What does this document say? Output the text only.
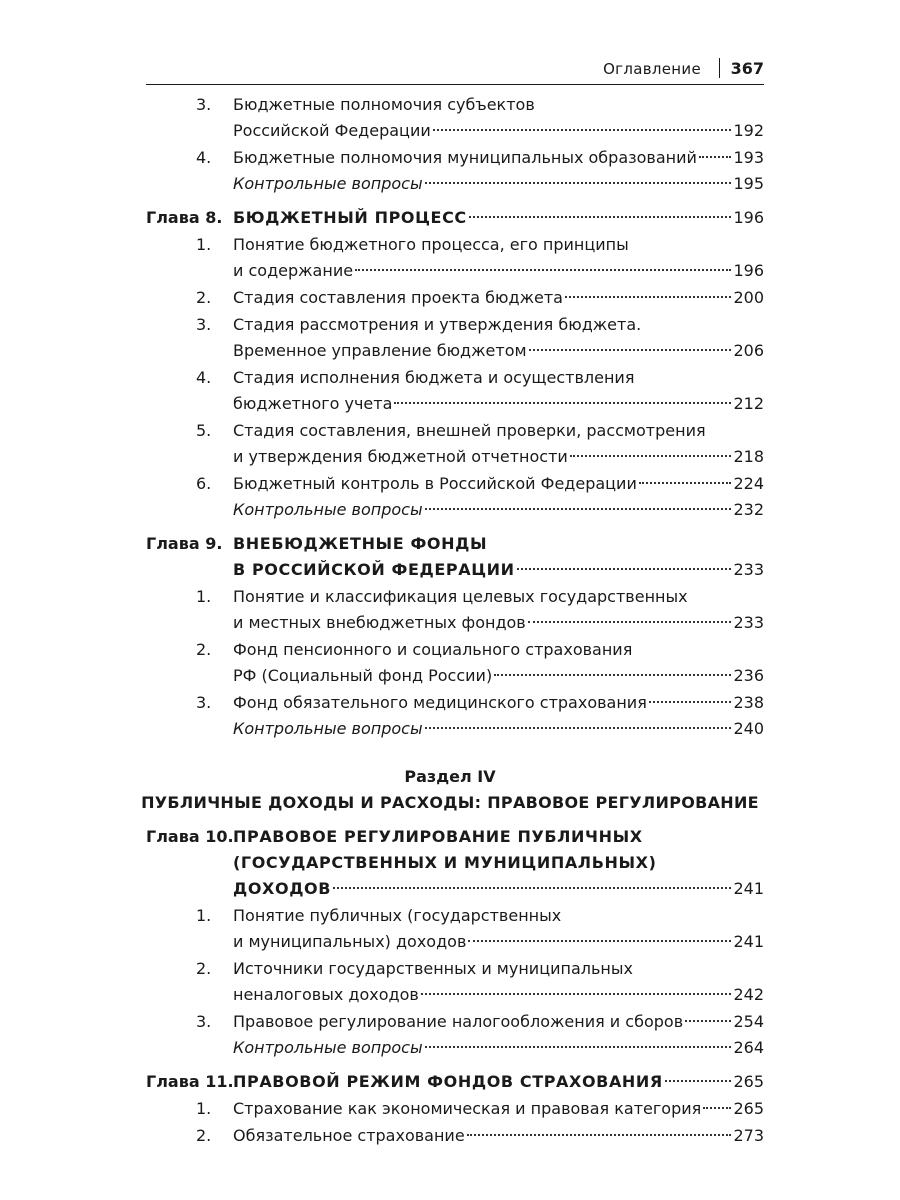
Оглавление 367
3. Бюджетные полномочия субъектов
Российской Федерации	192
4. Бюджетные полномочия муниципальных образований 193
Контрольные вопросы	195
Глава 8. БЮДЖЕТНЫЙ ПРОЦЕСС	196
1. Понятие бюджетного процесса, его принципы
и содержание	196
2. Стадия составления проекта бюджета	200
3. Стадия рассмотрения и утверждения бюджета.
Временное управление бюджетом	206
4. Стадия исполнения бюджета и осуществления
бюджетного учета	212
5. Стадия составления, внешней проверки, рассмотрения
и утверждения бюджетной отчетности	218
6. Бюджетный контроль в Российской Федерации	224
Контрольные вопросы	232
Глава 9. ВНЕБЮДЖЕТНЫЕ ФОНДЫ
В РОССИЙСКОЙ ФЕДЕРАЦИИ	233
1. Понятие и классификация целевых государственных
и местных внебюджетных фондов	233
2. Фонд пенсионного и социального страхования
РФ (Социальный фонд России)	236
3. Фонд обязательного медицинского страхования	238
Контрольные вопросы	240
Раздел IV
ПУБЛИЧНЫЕ ДОХОДЫ И РАСХОДЫ: ПРАВОВОЕ РЕГУЛИРОВАНИЕ
Глава 10. ПРАВОВОЕ РЕГУЛИРОВАНИЕ ПУБЛИЧНЫХ
(ГОСУДАРСТВЕННЫХ И МУНИЦИПАЛЬНЫХ)
ДОХОДОВ	241
1. Понятие публичных (государственных
и муниципальных) доходов	241
2. Источники государственных и муниципальных
неналоговых доходов	242
3. Правовое регулирование налогообложения и сборов	254
Контрольные вопросы	264
Глава 11. ПРАВОВОЙ РЕЖИМ ФОНДОВ СТРАХОВАНИЯ	265
1. Страхование как экономическая и правовая категория 265
2. Обязательное страхование	273
